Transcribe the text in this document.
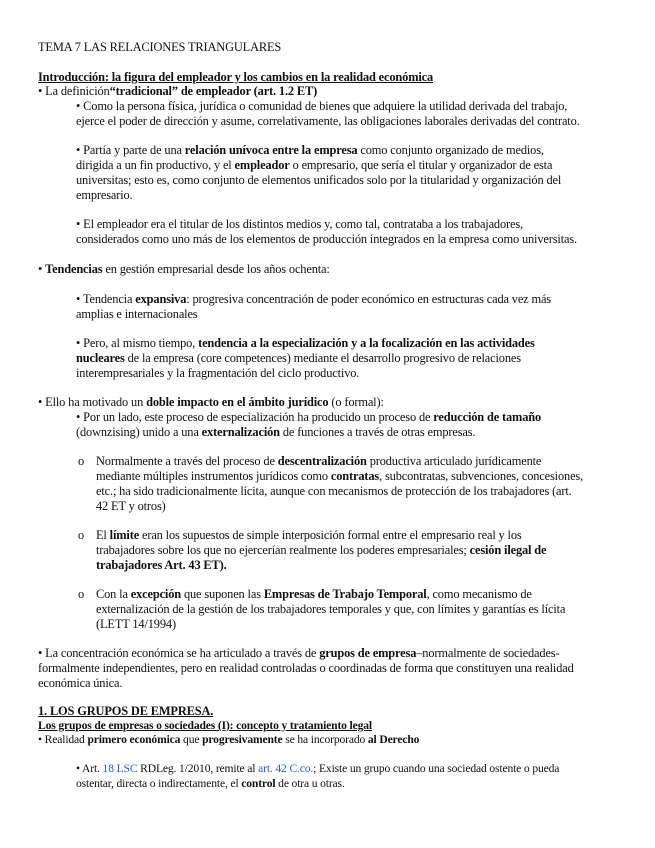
TEMA 7 LAS RELACIONES TRIANGULARES
Introducción: la figura del empleador y los cambios en la realidad económica
• La definición“tradicional” de empleador (art. 1.2 ET)
• Como la persona física, jurídica o comunidad de bienes que adquiere la utilidad derivada del trabajo,
ejerce el poder de dirección y asume, correlativamente, las obligaciones laborales derivadas del contrato.
• Partía y parte de una relación unívoca entre la empresa como conjunto organizado de medios,
dirigida a un fin productivo, y el empleador o empresario, que sería el titular y organizador de esta
universitas; esto es, como conjunto de elementos unificados solo por la titularidad y organización del
empresario.
• El empleador era el titular de los distintos medios y, como tal, contrataba a los trabajadores,
considerados como uno más de los elementos de producción integrados en la empresa como universitas.
• Tendencias en gestión empresarial desde los años ochenta:
• Tendencia expansiva: progresiva concentración de poder económico en estructuras cada vez más
amplias e internacionales
• Pero, al mismo tiempo, tendencia a la especialización y a la focalización en las actividades
nucleares de la empresa (core competences) mediante el desarrollo progresivo de relaciones
interempresariales y la fragmentación del ciclo productivo.
• Ello ha motivado un doble impacto en el ámbito jurídico (o formal):
• Por un lado, este proceso de especialización ha producido un proceso de reducción de tamaño
(downzising) unido a una externalización de funciones a través de otras empresas.
o Normalmente a través del proceso de descentralización productiva articulado jurídicamente
mediante múltiples instrumentos jurídicos como contratas, subcontratas, subvenciones, concesiones,
etc.; ha sido tradicionalmente lícita, aunque con mecanismos de protección de los trabajadores (art.
42 ET y otros)
o El límite eran los supuestos de simple interposición formal entre el empresario real y los
trabajadores sobre los que no ejercerían realmente los poderes empresariales; cesión ilegal de
trabajadores Art. 43 ET).
o Con la excepción que suponen las Empresas de Trabajo Temporal, como mecanismo de
externalización de la gestión de los trabajadores temporales y que, con límites y garantías es lícita
(LETT 14/1994)
• La concentración económica se ha articulado a través de grupos de empresa–normalmente de sociedades-
formalmente independientes, pero en realidad controladas o coordinadas de forma que constituyen una realidad
económica única.
1. LOS GRUPOS DE EMPRESA.
Los grupos de empresas o sociedades (I): concepto y tratamiento legal
• Realidad primero económica que progresivamente se ha incorporado al Derecho
• Art. 18 LSC RDLeg. 1/2010, remite al art. 42 C.co.; Existe un grupo cuando una sociedad ostente o pueda
ostentar, directa o indirectamente, el control de otra u otras.
